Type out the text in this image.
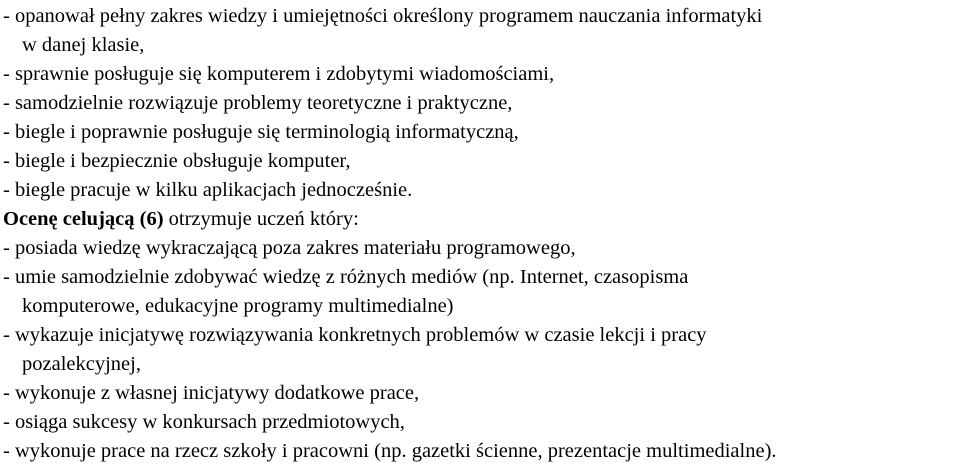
- opanował pełny zakres wiedzy i umiejętności określony programem nauczania informatyki
w danej klasie,
- sprawnie posługuje się komputerem i zdobytymi wiadomościami,
- samodzielnie rozwiązuje problemy teoretyczne i praktyczne,
- biegle i poprawnie posługuje się terminologią informatyczną,
- biegle i bezpiecznie obsługuje komputer,
- biegle pracuje w kilku aplikacjach jednocześnie.
Ocenę celującą (6) otrzymuje uczeń który:
- posiada wiedzę wykraczającą poza zakres materiału programowego,
- umie samodzielnie zdobywać wiedzę z różnych mediów (np. Internet, czasopisma
komputerowe, edukacyjne programy multimedialne)
- wykazuje inicjatywę rozwiązywania konkretnych problemów w czasie lekcji i pracy
pozalekcyjnej,
- wykonuje z własnej inicjatywy dodatkowe prace,
- osiąga sukcesy w konkursach przedmiotowych,
- wykonuje prace na rzecz szkoły i pracowni (np. gazetki ścienne, prezentacje multimedialne).
